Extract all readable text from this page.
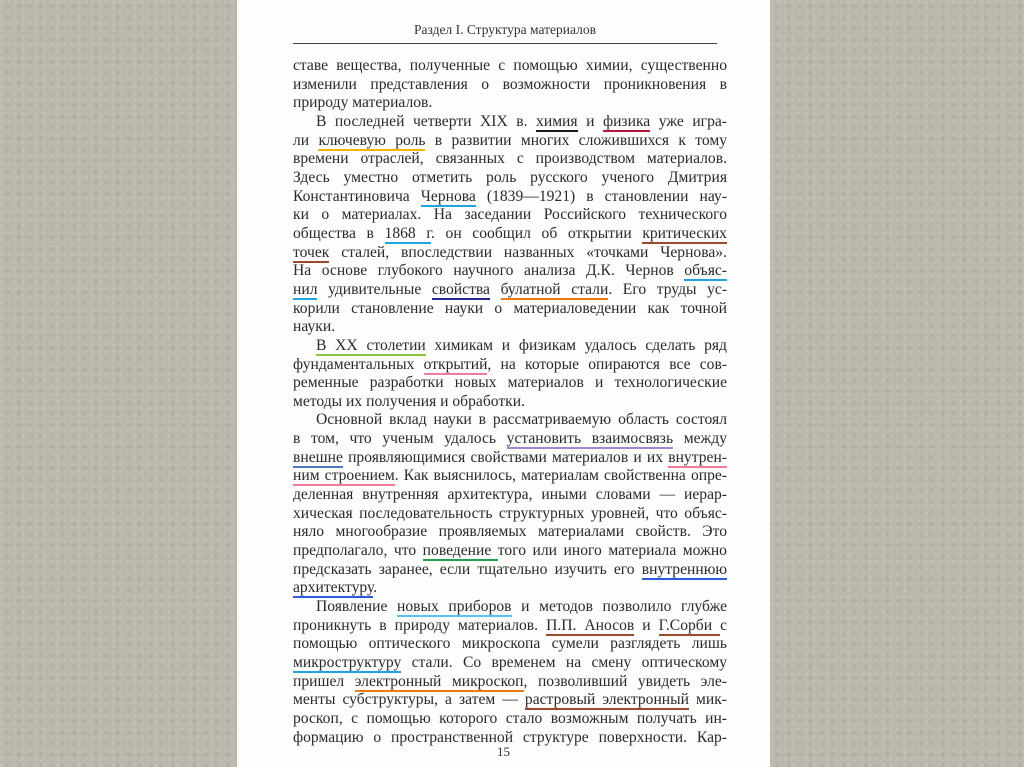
Раздел I. Структура материалов
ставе вещества, полученные с помощью химии, существенно
изменили представления о возможности проникновения в
природу материалов.
В последней четверти XIX в. химия и физика уже игра-
ли ключевую роль в развитии многих сложившихся к тому
времени отраслей, связанных с производством материалов.
Здесь уместно отметить роль русского ученого Дмитрия
Константиновича Чернова (1839—1921) в становлении нау-
ки о материалах. На заседании Российского технического
общества в 1868 г. он сообщил об открытии критических
точек сталей, впоследствии названных «точками Чернова».
На основе глубокого научного анализа Д.К. Чернов объяс-
нил удивительные свойства булатной стали. Его труды ус-
корили становление науки о материаловедении как точной
науки.
В XX столетии химикам и физикам удалось сделать ряд
фундаментальных открытий, на которые опираются все сов-
ременные разработки новых материалов и технологические
методы их получения и обработки.
Основной вклад науки в рассматриваемую область состоял
в том, что ученым удалось установить взаимосвязь между
внешне проявляющимися свойствами материалов и их внутрен-
ним строением. Как выяснилось, материалам свойственна опре-
деленная внутренняя архитектура, иными словами — иерар-
хическая последовательность структурных уровней, что объяс-
няло многообразие проявляемых материалами свойств. Это
предполагало, что поведение того или иного материала можно
предсказать заранее, если тщательно изучить его внутреннюю
архитектуру.
Появление новых приборов и методов позволило глубже
проникнуть в природу материалов. П.П. Аносов и Г.Сорби с
помощью оптического микроскопа сумели разглядеть лишь
микроструктуру стали. Со временем на смену оптическому
пришел электронный микроскоп, позволивший увидеть эле-
менты субструктуры, а затем — растровый электронный мик-
роскоп, с помощью которого стало возможным получать ин-
формацию о пространственной структуре поверхности. Кар-
15
